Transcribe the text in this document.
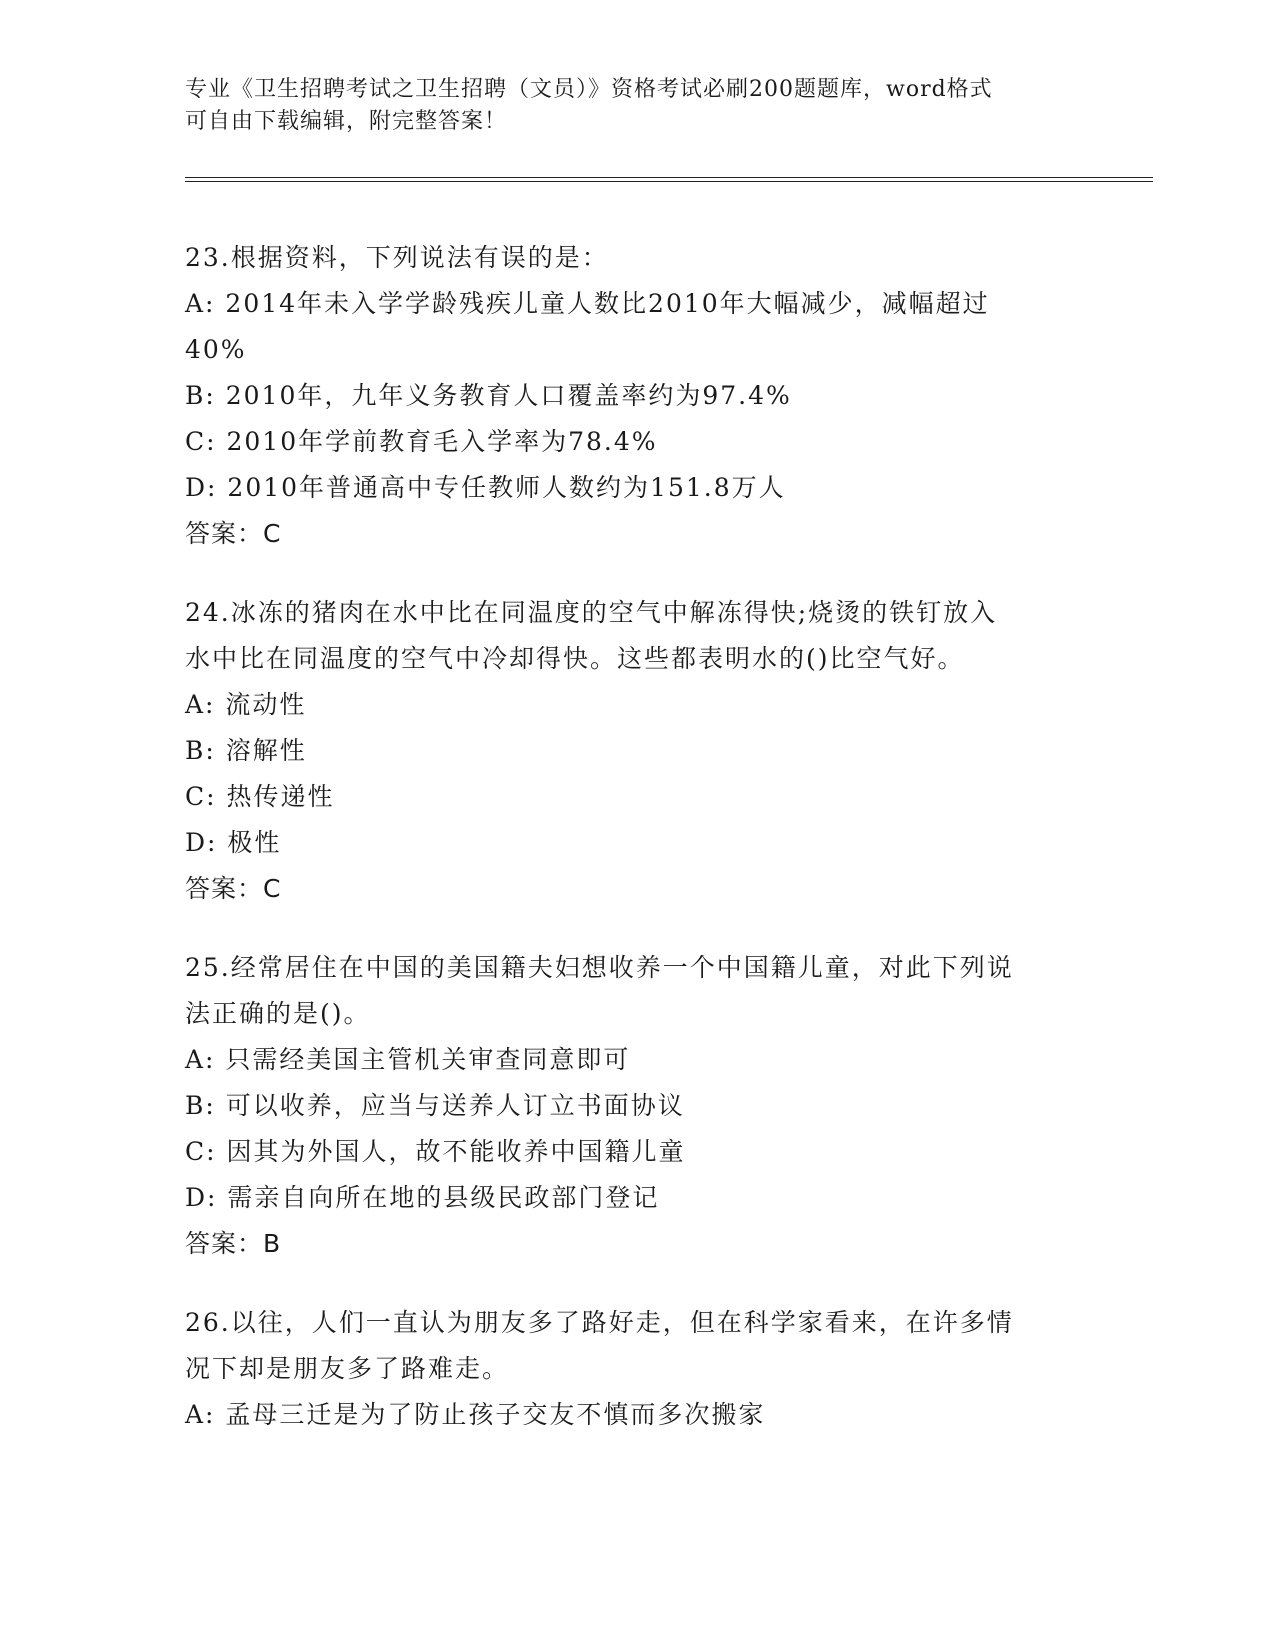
专业《卫生招聘考试之卫生招聘（文员）》资格考试必刷200题题库，word格式
可自由下载编辑，附完整答案！
23.根据资料，下列说法有误的是：
A: 2014年未入学学龄残疾儿童人数比2010年大幅减少，减幅超过
40%
B: 2010年，九年义务教育人口覆盖率约为97.4%
C: 2010年学前教育毛入学率为78.4%
D: 2010年普通高中专任教师人数约为151.8万人
答案：C
24.冰冻的猪肉在水中比在同温度的空气中解冻得快;烧烫的铁钉放入
水中比在同温度的空气中冷却得快。这些都表明水的()比空气好。
A: 流动性
B: 溶解性
C: 热传递性
D: 极性
答案：C
25.经常居住在中国的美国籍夫妇想收养一个中国籍儿童，对此下列说
法正确的是()。
A: 只需经美国主管机关审查同意即可
B: 可以收养，应当与送养人订立书面协议
C: 因其为外国人，故不能收养中国籍儿童
D: 需亲自向所在地的县级民政部门登记
答案：B
26.以往，人们一直认为朋友多了路好走，但在科学家看来，在许多情
况下却是朋友多了路难走。
A: 孟母三迁是为了防止孩子交友不慎而多次搬家
